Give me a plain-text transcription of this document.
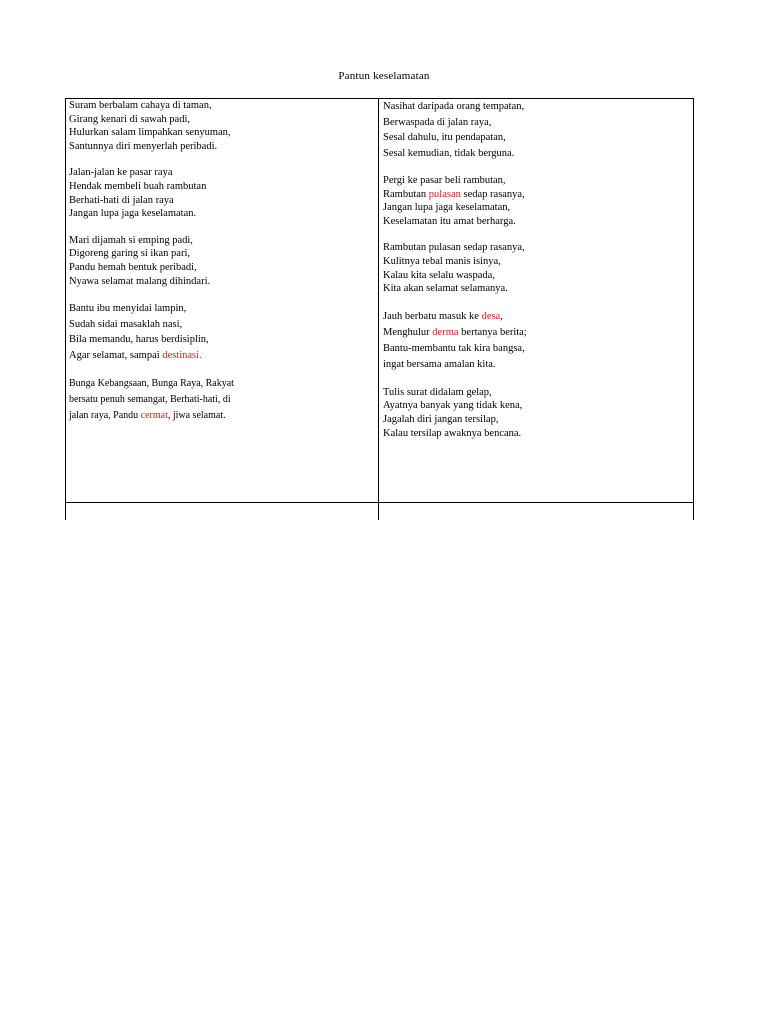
Pantun keselamatan
Suram berbalam cahaya di taman,
Girang kenari di sawah padi,
Hulurkan salam limpahkan senyuman,
Santunnya diri menyerlah peribadi.
Jalan-jalan ke pasar raya
Hendak membeli buah rambutan
Berhati-hati di jalan raya
Jangan lupa jaga keselamatan.
Mari dijamah si emping padi,
Digoreng garing si ikan pari,
Pandu hemah bentuk peribadi,
Nyawa selamat malang dihindari.
Bantu ibu menyidai lampin,
Sudah sidai masaklah nasi,
Bila memandu, harus berdisiplin,
Agar selamat, sampai destinasi.
Bunga Kebangsaan, Bunga Raya, Rakyat
bersatu penuh semangat, Berhati-hati, di
jalan raya, Pandu cermat, jiwa selamat.
Nasihat daripada orang tempatan,
Berwaspada di jalan raya,
Sesal dahulu, itu pendapatan,
Sesal kemudian, tidak berguna.
Pergi ke pasar beli rambutan,
Rambutan pulasan sedap rasanya,
Jangan lupa jaga keselamatan,
Keselamatan itu amat berharga.
Rambutan pulasan sedap rasanya,
Kulitnya tebal manis isinya,
Kalau kita selalu waspada,
Kita akan selamat selamanya.
Jauh berbatu masuk ke desa,
Menghulur derma bertanya berita;
Bantu-membantu tak kira bangsa,
ingat bersama amalan kita.
Tulis surat didalam gelap,
Ayatnya banyak yang tidak kena,
Jagalah diri jangan tersilap,
Kalau tersilap awaknya bencana.
